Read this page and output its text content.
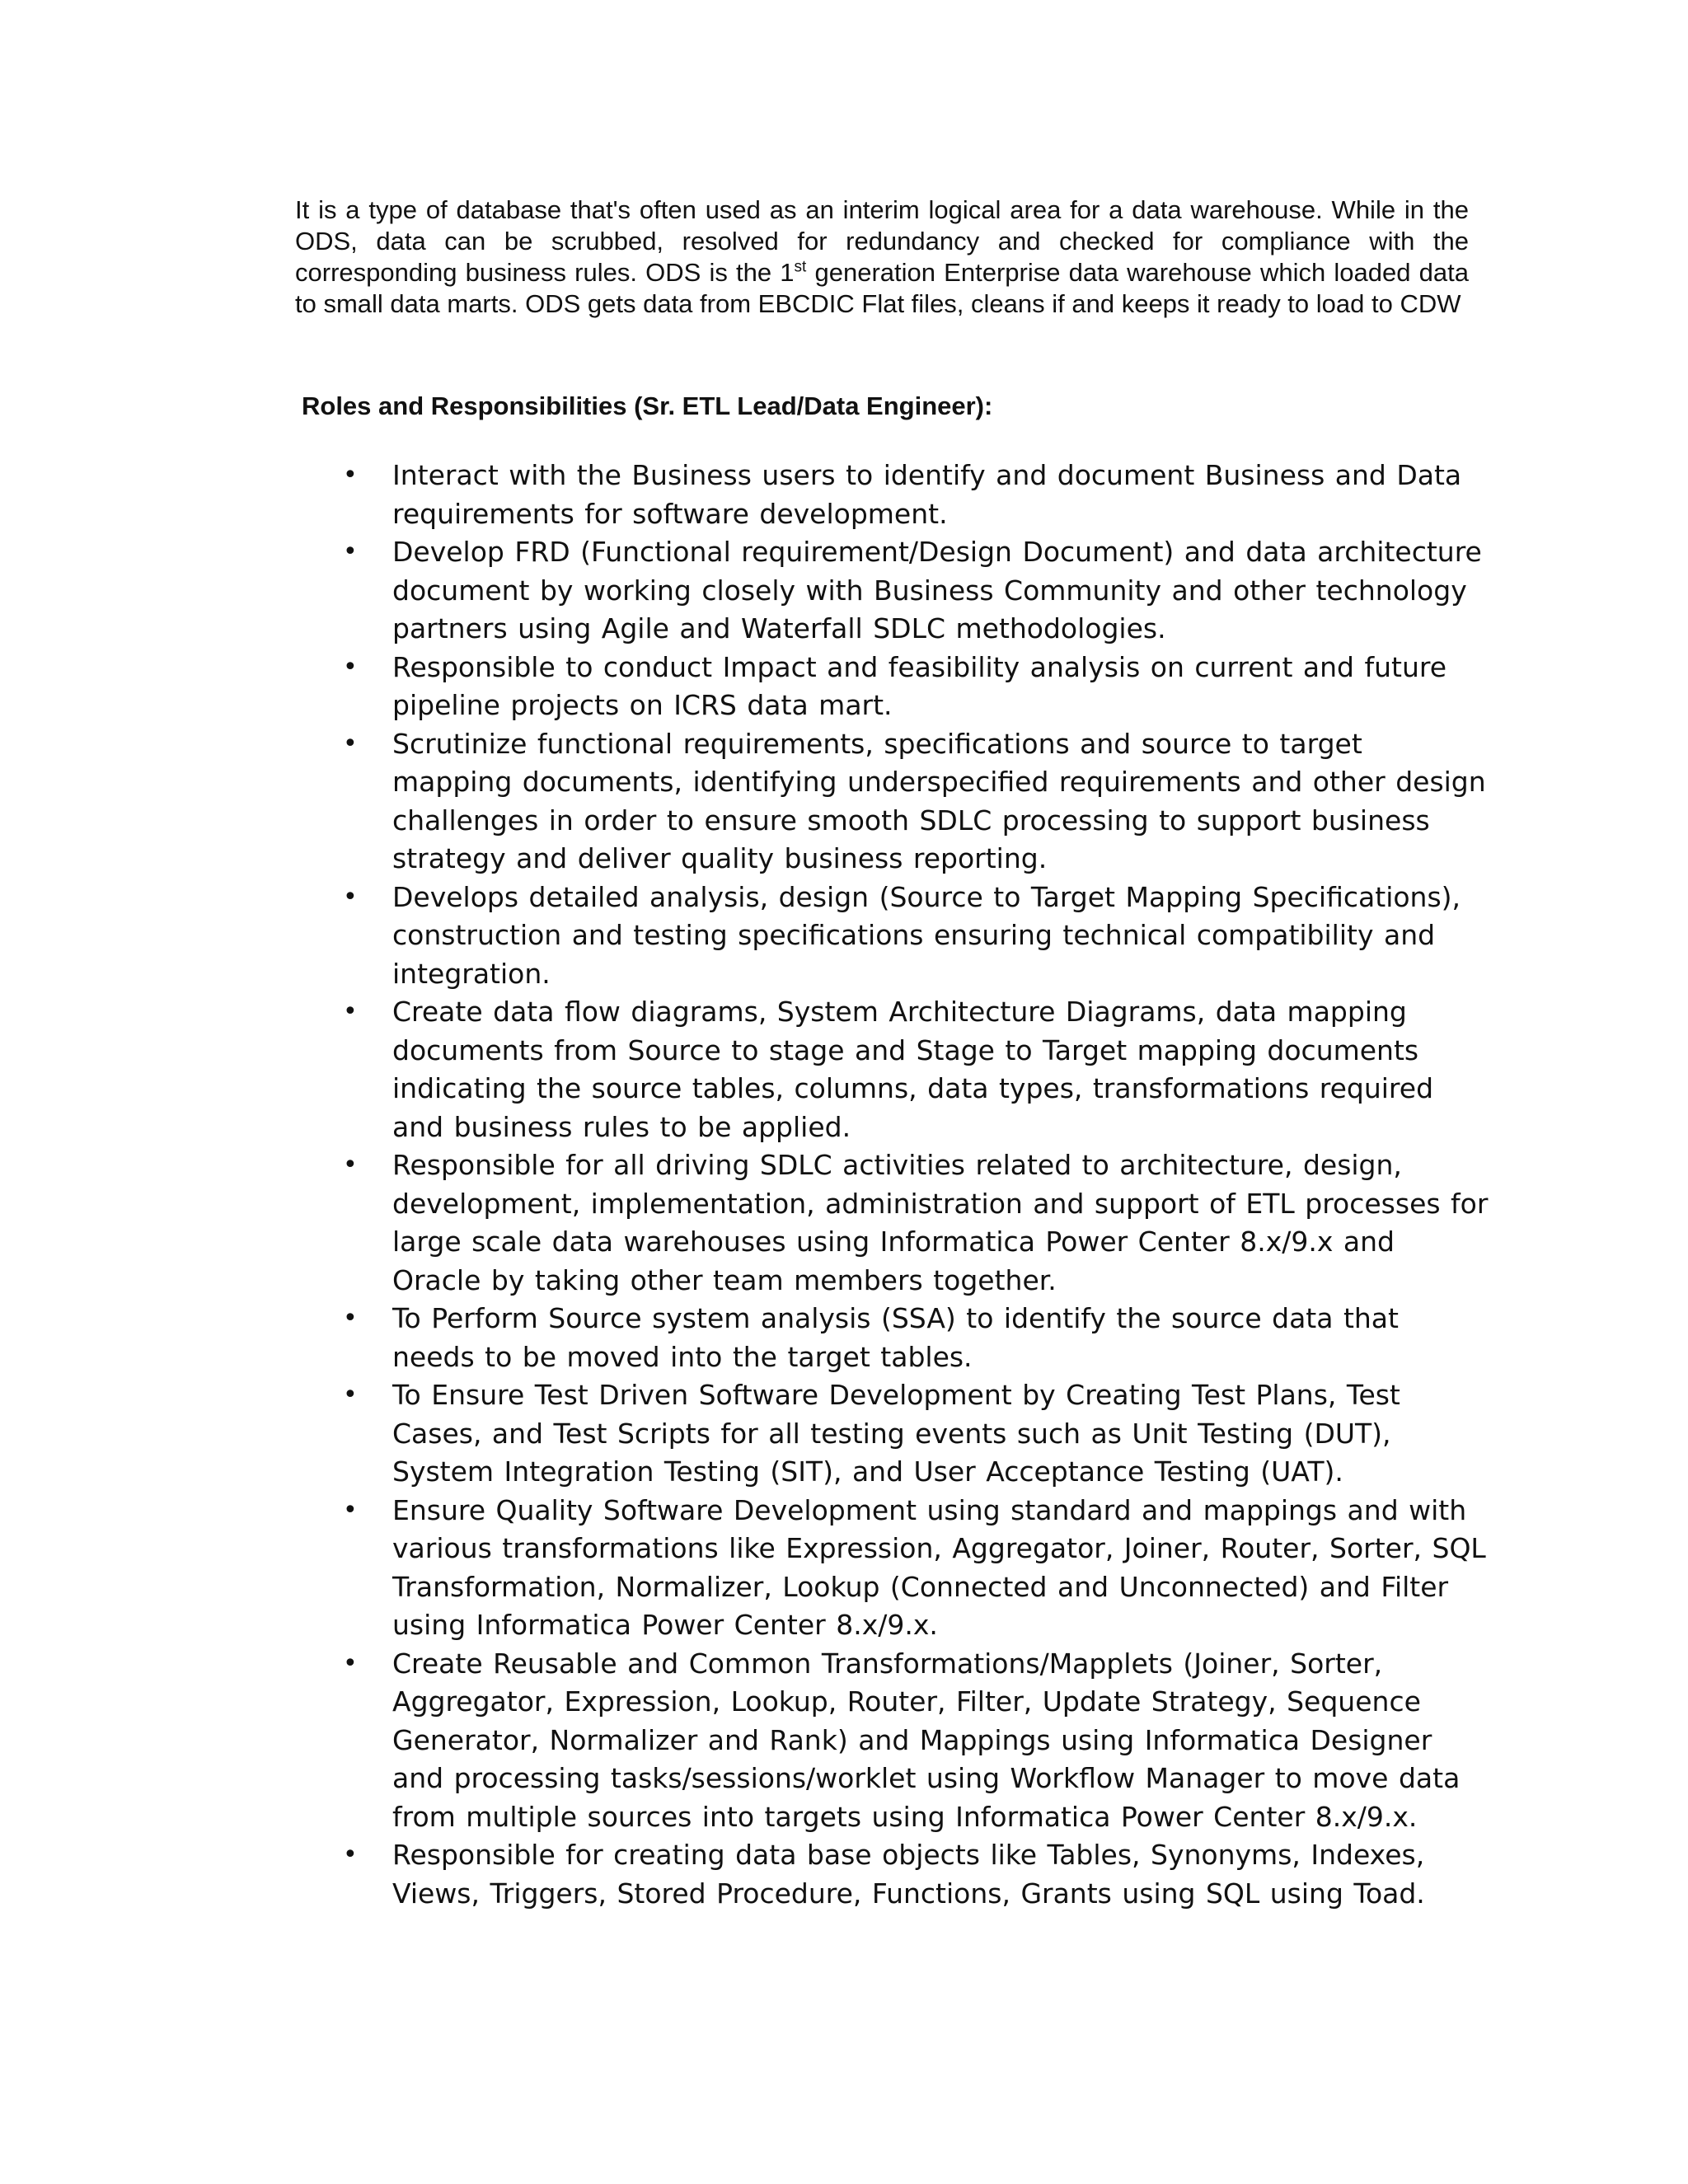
It is a type of database that's often used as an interim logical area for a data warehouse. While in the ODS, data can be scrubbed, resolved for redundancy and checked for compliance with the corresponding business rules. ODS is the 1st generation Enterprise data warehouse which loaded data to small data marts. ODS gets data from EBCDIC Flat files, cleans if and keeps it ready to load to CDW

Roles and Responsibilities (Sr. ETL Lead/Data Engineer):
• Interact with the Business users to identify and document Business and Data requirements for software development.
• Develop FRD (Functional requirement/Design Document) and data architecture document by working closely with Business Community and other technology partners using Agile and Waterfall SDLC methodologies.
• Responsible to conduct Impact and feasibility analysis on current and future pipeline projects on ICRS data mart.
• Scrutinize functional requirements, specifications and source to target mapping documents, identifying underspecified requirements and other design challenges in order to ensure smooth SDLC processing to support business strategy and deliver quality business reporting.
• Develops detailed analysis, design (Source to Target Mapping Specifications), construction and testing specifications ensuring technical compatibility and integration.
• Create data flow diagrams, System Architecture Diagrams, data mapping documents from Source to stage and Stage to Target mapping documents indicating the source tables, columns, data types, transformations required and business rules to be applied.
• Responsible for all driving SDLC activities related to architecture, design, development, implementation, administration and support of ETL processes for large scale data warehouses using Informatica Power Center 8.x/9.x and Oracle by taking other team members together.
• To Perform Source system analysis (SSA) to identify the source data that needs to be moved into the target tables.
• To Ensure Test Driven Software Development by Creating Test Plans, Test Cases, and Test Scripts for all testing events such as Unit Testing (DUT), System Integration Testing (SIT), and User Acceptance Testing (UAT).
• Ensure Quality Software Development using standard and mappings and with various transformations like Expression, Aggregator, Joiner, Router, Sorter, SQL Transformation, Normalizer, Lookup (Connected and Unconnected) and Filter using Informatica Power Center 8.x/9.x.
• Create Reusable and Common Transformations/Mapplets (Joiner, Sorter, Aggregator, Expression, Lookup, Router, Filter, Update Strategy, Sequence Generator, Normalizer and Rank) and Mappings using Informatica Designer and processing tasks/sessions/worklet using Workflow Manager to move data from multiple sources into targets using Informatica Power Center 8.x/9.x.
• Responsible for creating data base objects like Tables, Synonyms, Indexes, Views, Triggers, Stored Procedure, Functions, Grants using SQL using Toad.
